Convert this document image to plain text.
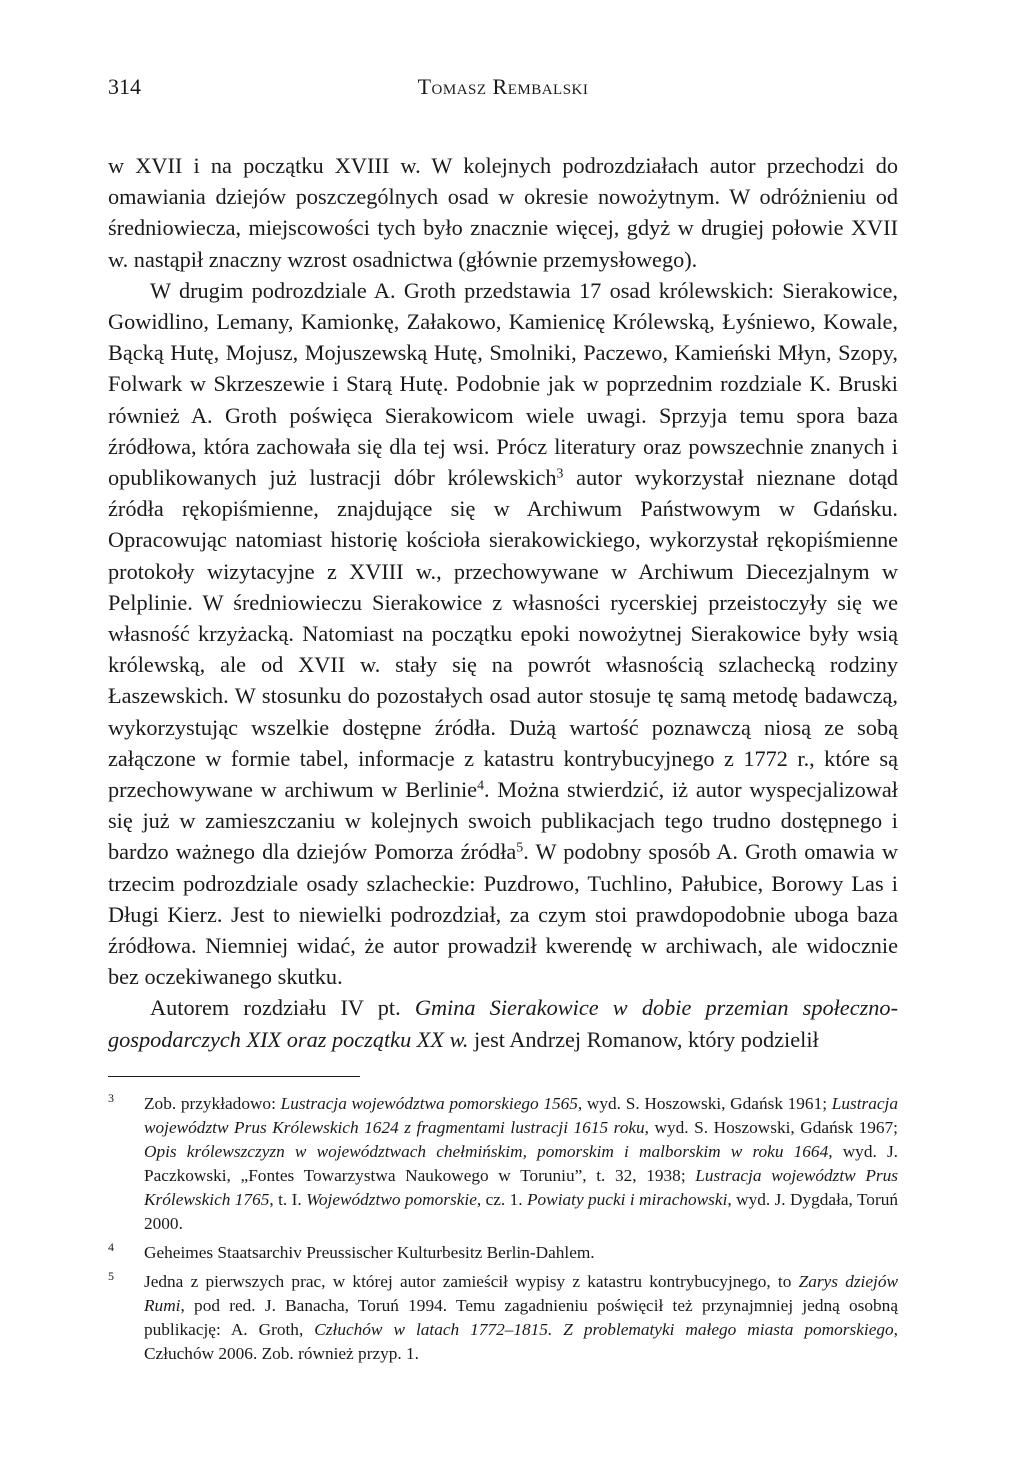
314	Tomasz Rembalski

w XVII i na początku XVIII w. W kolejnych podrozdziałach autor przechodzi do omawiania dziejów poszczególnych osad w okresie nowożytnym. W odróżnieniu od średniowiecza, miejscowości tych było znacznie więcej, gdyż w drugiej połowie XVII w. nastąpił znaczny wzrost osadnictwa (głównie przemysłowego).

W drugim podrozdziale A. Groth przedstawia 17 osad królewskich: Sierakowice, Gowidlino, Lemany, Kamionkę, Załakowo, Kamienicę Królewską, Łyśniewo, Kowale, Bącką Hutę, Mojusz, Mojuszewską Hutę, Smolniki, Paczewo, Kamieński Młyn, Szopy, Folwark w Skrzeszewie i Starą Hutę. Podobnie jak w poprzednim rozdziale K. Bruski również A. Groth poświęca Sierakowicom wiele uwagi. Sprzyja temu spora baza źródłowa, która zachowała się dla tej wsi. Prócz literatury oraz powszechnie znanych i opublikowanych już lustracji dóbr królewskich$^3$ autor wykorzystał nieznane dotąd źródła rękopiśmienne, znajdujące się w Archiwum Państwowym w Gdańsku. Opracowując natomiast historię kościoła sierakowickiego, wykorzystał rękopiśmienne protokoły wizytacyjne z XVIII w., przechowywane w Archiwum Diecezjalnym w Pelplinie. W średniowieczu Sierakowice z własności rycerskiej przeistoczyły się we własność krzyżacką. Natomiast na początku epoki nowożytnej Sierakowice były wsią królewską, ale od XVII w. stały się na powrót własnością szlachecką rodziny Łaszewskich. W stosunku do pozostałych osad autor stosuje tę samą metodę badawczą, wykorzystując wszelkie dostępne źródła. Dużą wartość poznawczą niosą ze sobą załączone w formie tabel, informacje z katastru kontrybucyjnego z 1772 r., które są przechowywane w archiwum w Berlinie$^4$. Można stwierdzić, iż autor wyspecjalizował się już w zamieszczaniu w kolejnych swoich publikacjach tego trudno dostępnego i bardzo ważnego dla dziejów Pomorza źródła$^5$. W podobny sposób A. Groth omawia w trzecim podrozdziale osady szlacheckie: Puzdrowo, Tuchlino, Pałubice, Borowy Las i Długi Kierz. Jest to niewielki podrozdział, za czym stoi prawdopodobnie uboga baza źródłowa. Niemniej widać, że autor prowadził kwerendę w archiwach, ale widocznie bez oczekiwanego skutku.

Autorem rozdziału IV pt. Gmina Sierakowice w dobie przemian społeczno-gospodarczych XIX oraz początku XX w. jest Andrzej Romanow, który podzielił

3 Zob. przykładowo: Lustracja województwa pomorskiego 1565, wyd. S. Hoszowski, Gdańsk 1961; Lustracja województw Prus Królewskich 1624 z fragmentami lustracji 1615 roku, wyd. S. Hoszowski, Gdańsk 1967; Opis królewszczyzn w województwach chełmińskim, pomorskim i malborskim w roku 1664, wyd. J. Paczkowski, „Fontes Towarzystwa Naukowego w Toruniu”, t. 32, 1938; Lustracja województw Prus Królewskich 1765, t. I. Województwo pomorskie, cz. 1. Powiaty pucki i mirachowski, wyd. J. Dygdała, Toruń 2000.
4 Geheimes Staatsarchiv Preussischer Kulturbesitz Berlin-Dahlem.
5 Jedna z pierwszych prac, w której autor zamieścił wypisy z katastru kontrybucyjnego, to Zarys dziejów Rumi, pod red. J. Banacha, Toruń 1994. Temu zagadnieniu poświęcił też przynajmniej jedną osobną publikację: A. Groth, Człuchów w latach 1772–1815. Z problematyki małego miasta pomorskiego, Człuchów 2006. Zob. również przyp. 1.
